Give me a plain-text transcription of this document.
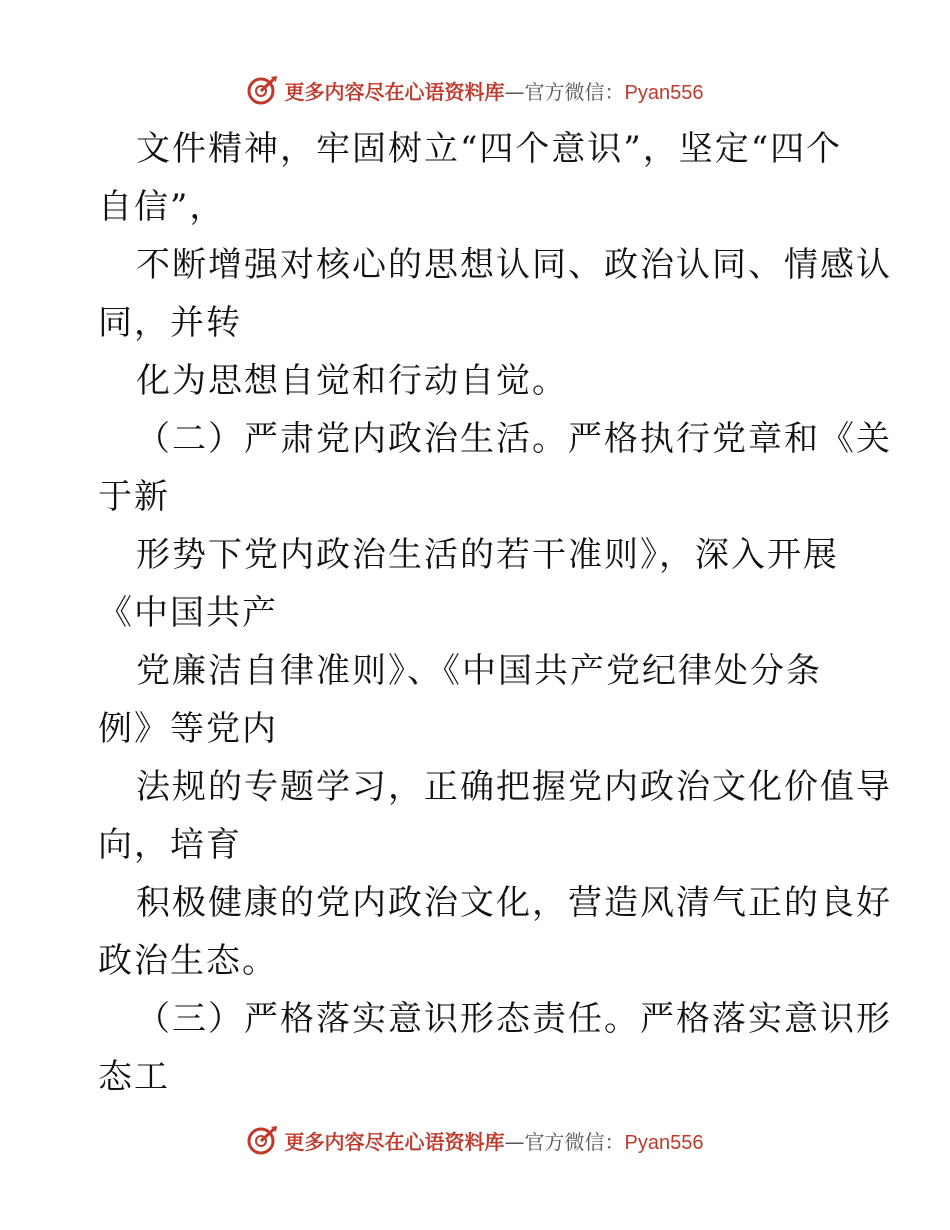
更多内容尽在心语资料库—官方微信：Pyan556
文件精神，牢固树立“四个意识”，坚定“四个
自信”，
不断增强对核心的思想认同、政治认同、情感认
同，并转
化为思想自觉和行动自觉。
（二）严肃党内政治生活。严格执行党章和《关
于新
形势下党内政治生活的若干准则》，深入开展
《中国共产
党廉洁自律准则》、《中国共产党纪律处分条
例》等党内
法规的专题学习，正确把握党内政治文化价值导
向，培育
积极健康的党内政治文化，营造风清气正的良好
政治生态。
（三）严格落实意识形态责任。严格落实意识形
态工
更多内容尽在心语资料库—官方微信：Pyan556
